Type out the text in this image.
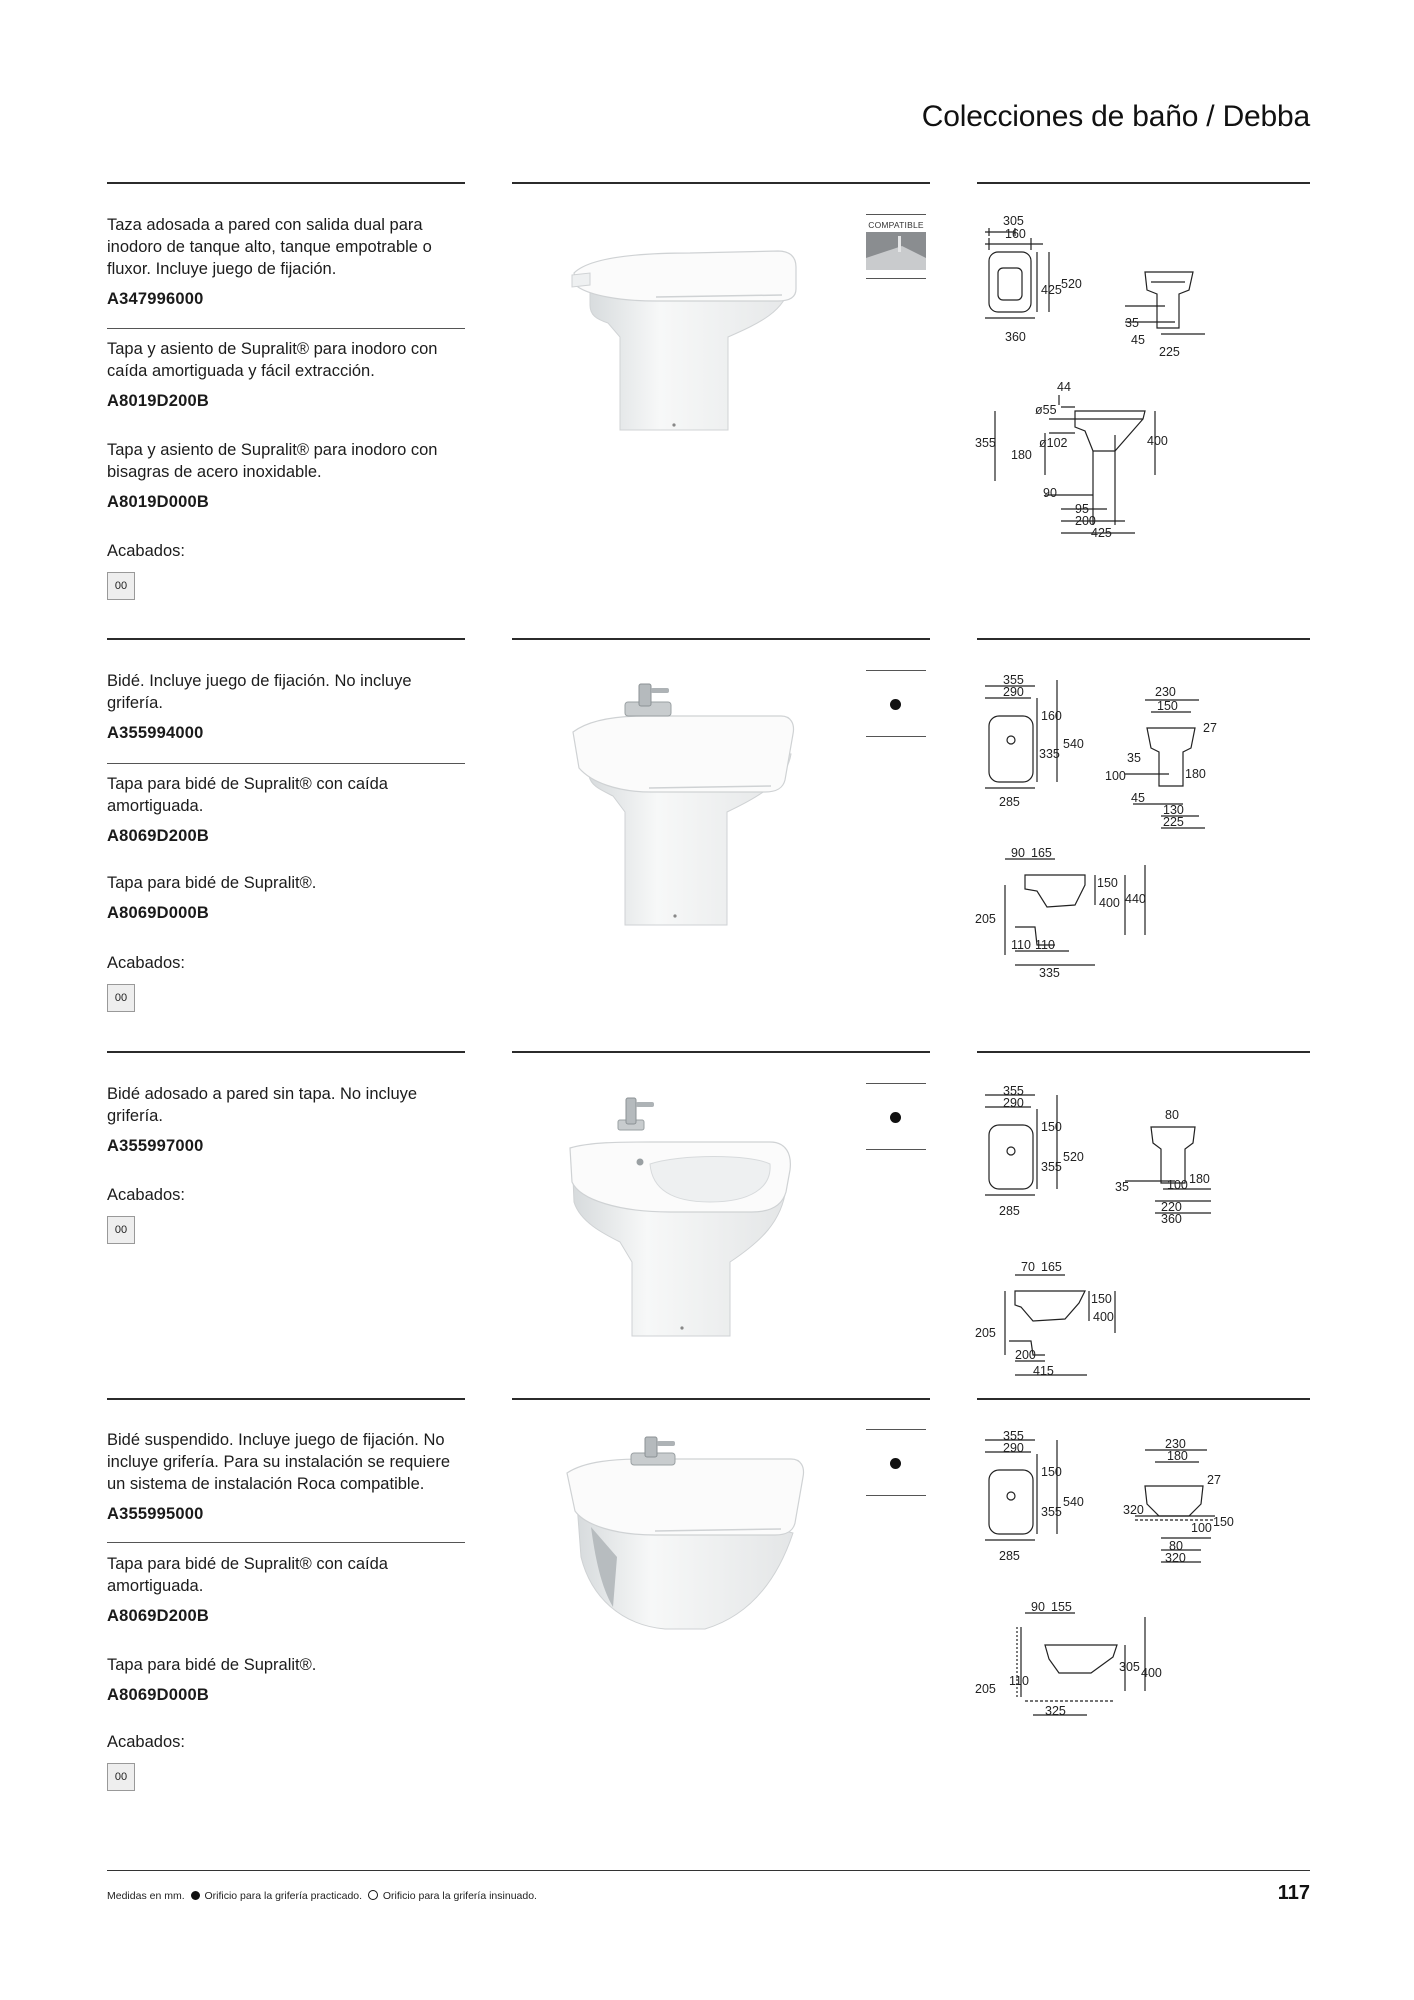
Colecciones de baño / Debba

Taza adosada a pared con salida dual para inodoro de tanque alto, tanque empotrable o fluxor. Incluye juego de fijación.

A347996000

Tapa y asiento de Supralit® para inodoro con caída amortiguada y fácil extracción.

A8019D200B

Tapa y asiento de Supralit® para inodoro con bisagras de acero inoxidable.

A8019D000B

Acabados:
00
COMPATIBLE	305
160
425 520
360
35
45
225
44
ø55
ø102
355
180
400
90
95
200
425

Bidé. Incluye juego de fijación. No incluye grifería.

A355994000

Tapa para bidé de Supralit® con caída amortiguada.

A8069D200B

Tapa para bidé de Supralit®.

A8069D000B

Acabados:
00
355
290
160
335
540
285
230
150
27
35
100	180
45
130
225
90 165
150
400 440
205
110 110
335

Bidé adosado a pared sin tapa. No incluye grifería.

A355997000

Acabados:
00
355
290
150
355
520
285
80
35	100 180
220
360
70 165
150
400
205
200
415

Bidé suspendido. Incluye juego de fijación. No incluye grifería. Para su instalación se requiere un sistema de instalación Roca compatible.

A355995000

Tapa para bidé de Supralit® con caída amortiguada.

A8069D200B

Tapa para bidé de Supralit®.

A8069D000B

Acabados:
00
355
290
150
355
540
285
230
180
27
320
100 150
80
320
90 155
305 400
205
110
325
Medidas en mm. Orificio para la grifería practicado. Orificio para la grifería insinuado.	117
